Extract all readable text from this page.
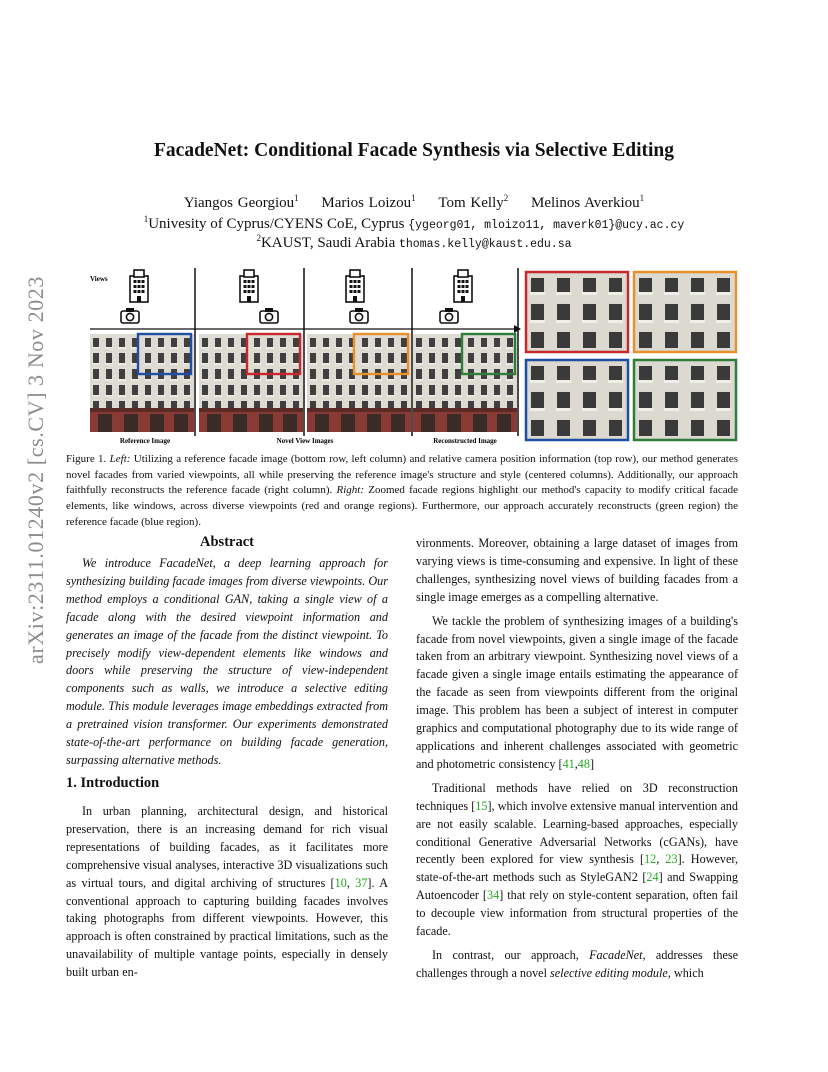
arXiv:2311.01240v2 [cs.CV] 3 Nov 2023
FacadeNet: Conditional Facade Synthesis via Selective Editing
Yiangos Georgiou$^1$ Marios Loizou$^1$ Tom Kelly$^2$ Melinos Averkiou$^1$
$^1$Univesity of Cyprus/CYENS CoE, Cyprus {ygeorg01, mloizo11, maverk01}@ucy.ac.cy
$^2$KAUST, Saudi Arabia thomas.kelly@kaust.edu.sa
Views
Reference Image	Novel View Images	Reconstructed Image
Figure 1. Left: Utilizing a reference facade image (bottom row, left column) and relative camera position information (top row), our method generates novel facades from varied viewpoints, all while preserving the reference image's structure and style (centered columns). Additionally, our approach faithfully reconstructs the reference facade (right column). Right: Zoomed facade regions highlight our method's capacity to modify critical facade elements, like windows, across diverse viewpoints (red and orange regions). Furthermore, our approach accurately reconstructs (green region) the reference facade (blue region).
Abstract

We introduce FacadeNet, a deep learning approach for synthesizing building facade images from diverse viewpoints. Our method employs a conditional GAN, taking a single view of a facade along with the desired viewpoint information and generates an image of the facade from the distinct viewpoint. To precisely modify view-dependent elements like windows and doors while preserving the structure of view-independent components such as walls, we introduce a selective editing module. This module leverages image embeddings extracted from a pretrained vision transformer. Our experiments demonstrated state-of-the-art performance on building facade generation, surpassing alternative methods.

1. Introduction

In urban planning, architectural design, and historical preservation, there is an increasing demand for rich visual representations of building facades, as it facilitates more comprehensive visual analyses, interactive 3D visualizations such as virtual tours, and digital archiving of structures [10, 37]. A conventional approach to capturing building facades involves taking photographs from different viewpoints. However, this approach is often constrained by practical limitations, such as the unavailability of multiple vantage points, especially in densely built urban en-

vironments. Moreover, obtaining a large dataset of images from varying views is time-consuming and expensive. In light of these challenges, synthesizing novel views of building facades from a single image emerges as a compelling alternative.

We tackle the problem of synthesizing images of a building's facade from novel viewpoints, given a single image of the facade taken from an arbitrary viewpoint. Synthesizing novel views of a facade given a single image entails estimating the appearance of the facade as seen from viewpoints different from the original image. This problem has been a subject of interest in computer graphics and computational photography due to its wide range of applications and inherent challenges associated with geometric and photometric consistency [41,48]

Traditional methods have relied on 3D reconstruction techniques [15], which involve extensive manual intervention and are not easily scalable. Learning-based approaches, especially conditional Generative Adversarial Networks (cGANs), have recently been explored for view synthesis [12, 23]. However, state-of-the-art methods such as StyleGAN2 [24] and Swapping Autoencoder [34] that rely on style-content separation, often fail to decouple view information from structural properties of the facade.

In contrast, our approach, FacadeNet, addresses these challenges through a novel selective editing module, which
